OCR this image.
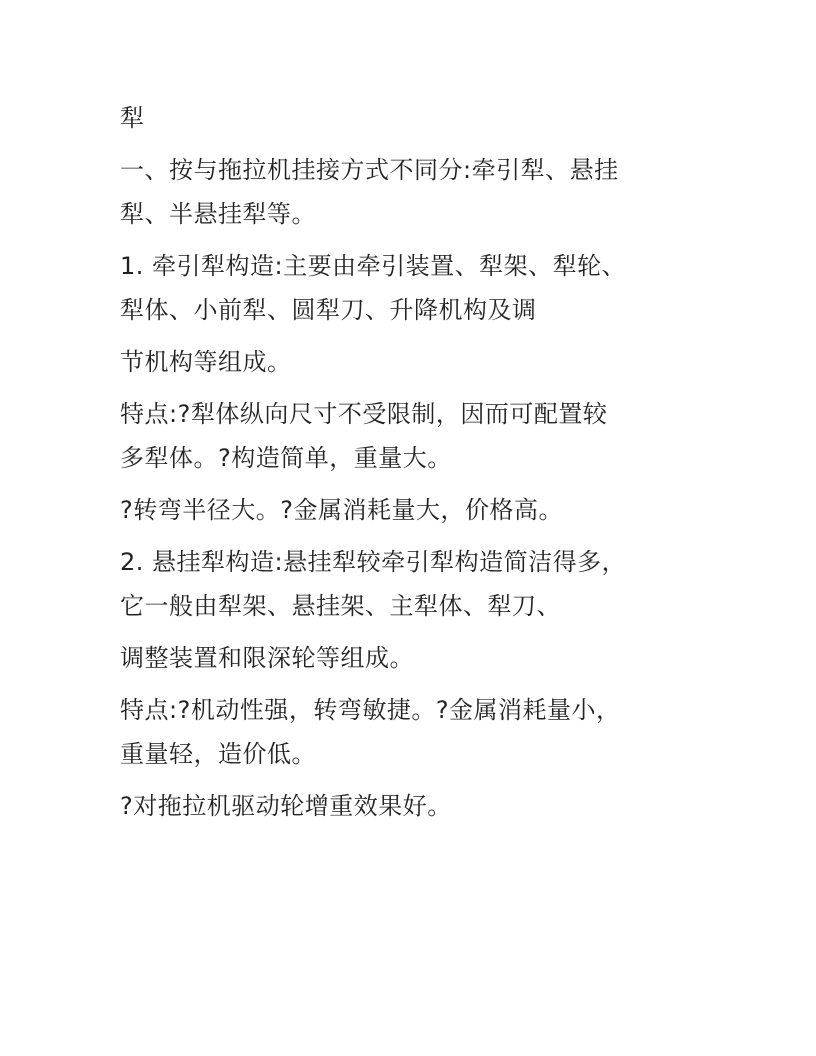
犁

一、按与拖拉机挂接方式不同分:牵引犁、悬挂
犁、半悬挂犁等。

1. 牵引犁构造:主要由牵引装置、犁架、犁轮、
犁体、小前犁、圆犁刀、升降机构及调

节机构等组成。

特点:?犁体纵向尺寸不受限制，因而可配置较
多犁体。?构造简单，重量大。

?转弯半径大。?金属消耗量大，价格高。

2. 悬挂犁构造:悬挂犁较牵引犁构造简洁得多，
它一般由犁架、悬挂架、主犁体、犁刀、

调整装置和限深轮等组成。

特点:?机动性强，转弯敏捷。?金属消耗量小，
重量轻，造价低。

?对拖拉机驱动轮增重效果好。
